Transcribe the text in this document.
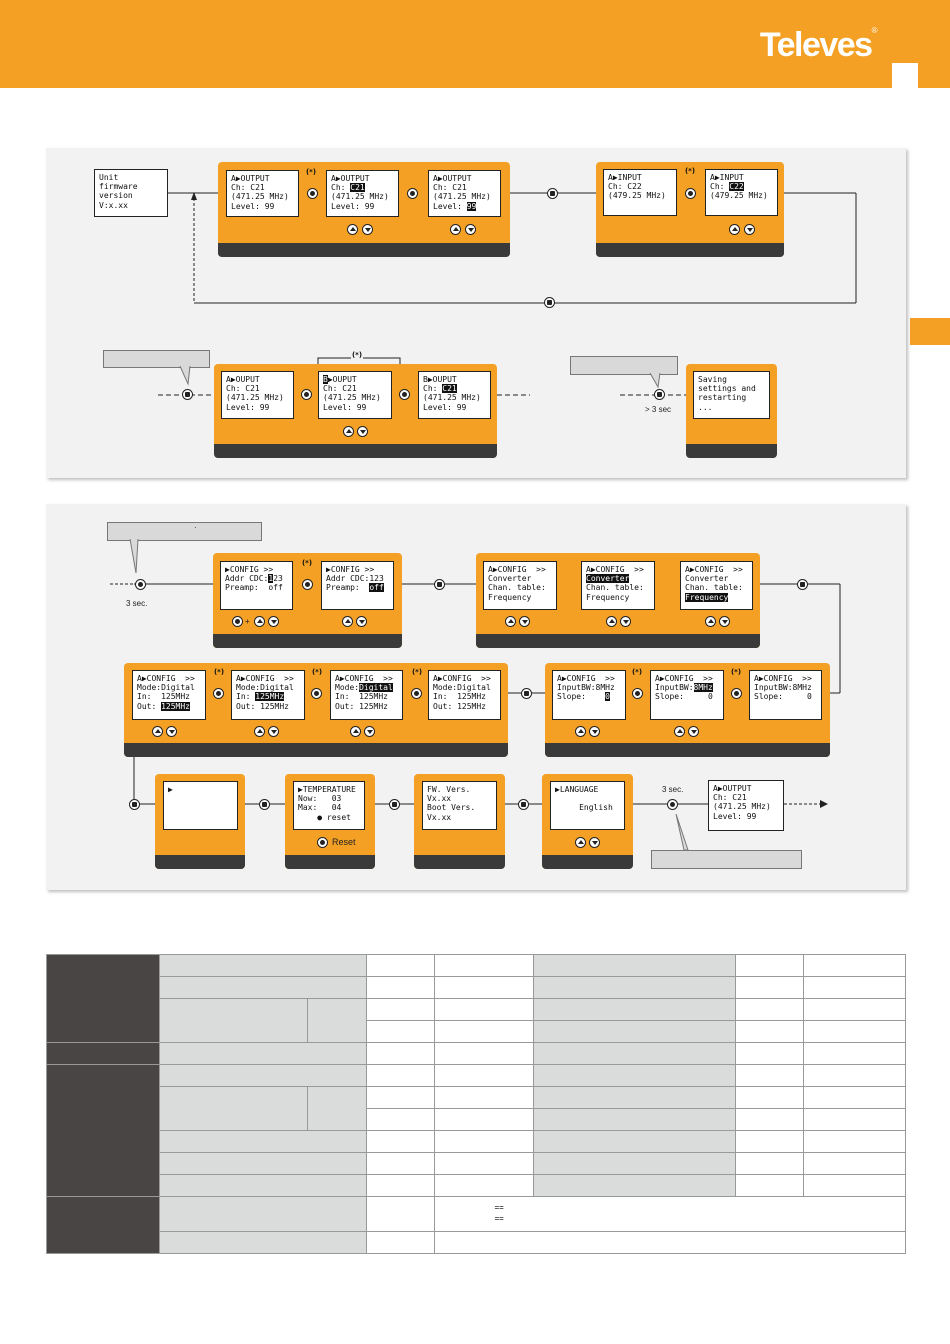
Televes®
Unit
firmware
version
V:x.xx
A▶OUTPUT
Ch: C21
(471.25 MHz)
Level: 99
A▶OUTPUT
Ch: C21
(471.25 MHz)
Level: 99
A▶OUTPUT
Ch: C21
(471.25 MHz)
Level: 99
(*)
A▶INPUT
Ch: C22
(479.25 MHz)
A▶INPUT
Ch: C22
(479.25 MHz)
(*)
A▶OUPUT
Ch: C21
(471.25 MHz)
Level: 99
B▶OUPUT
Ch: C21
(471.25 MHz)
Level: 99
B▶OUPUT
Ch: C21
(471.25 MHz)
Level: 99
(*)
> 3 sec
Saving
settings and
restarting
...
·
3 sec.
▶CONFIG >>
Addr CDC:123
Preamp:  off
▶CONFIG >>
Addr CDC:123
Preamp:  off
(*)
+
A▶CONFIG  >>
Converter
Chan. table:
Frequency
A▶CONFIG  >>
Converter
Chan. table:
Frequency
A▶CONFIG  >>
Converter
Chan. table:
Frequency
A▶CONFIG  >>
Mode:Digital
In:  125MHz
Out: 125MHz
A▶CONFIG  >>
Mode:Digital
In: 125MHz
Out: 125MHz
A▶CONFIG  >>
Mode:Digital
In:  125MHz
Out: 125MHz
A▶CONFIG  >>
Mode:Digital
In:  125MHz
Out: 125MHz
(*)	(*)	(*)
A▶CONFIG  >>
InputBW:8MHz
Slope:    0
A▶CONFIG  >>
InputBW:8MHz
Slope:     0
A▶CONFIG  >>
InputBW:8MHz
Slope:     0
(*)	(*)
▶	▶TEMPERATURE
Now:   03
Max:   04
● reset
Reset
FW. Vers.
Vx.xx
Boot Vers.
Vx.xx
▶LANGUAGE

English
3 sec.	A▶OUTPUT
Ch: C21
(471.25 MHz)
Level: 99

				==
==			
